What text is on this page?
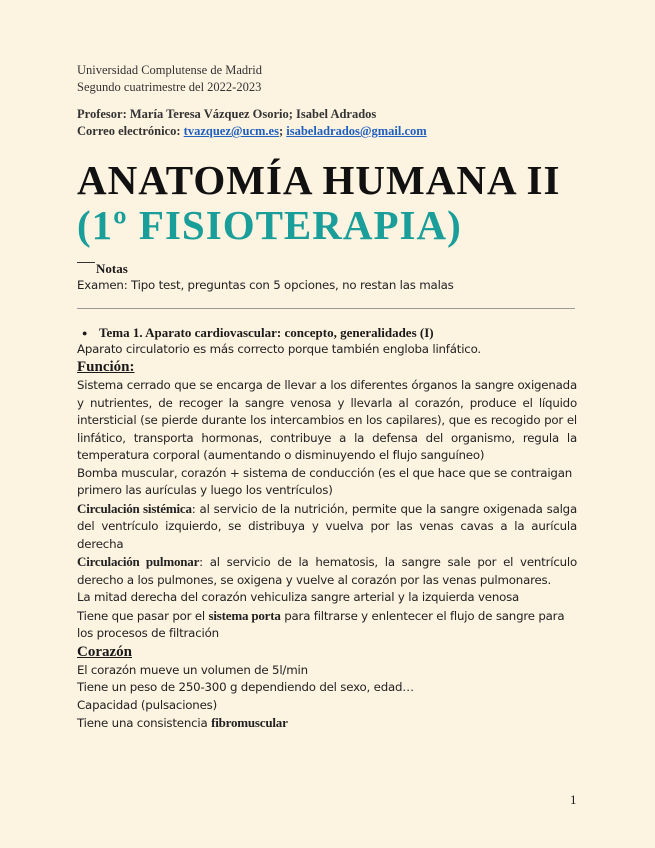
Universidad Complutense de Madrid
Segundo cuatrimestre del 2022-2023
Profesor: María Teresa Vázquez Osorio; Isabel Adrados
Correo electrónico: tvazquez@ucm.es; isabeladrados@gmail.com
ANATOMÍA HUMANA II
(1º FISIOTERAPIA)
Notas
Examen: Tipo test, preguntas con 5 opciones, no restan las malas
● Tema 1. Aparato cardiovascular: concepto, generalidades (I)
Aparato circulatorio es más correcto porque también engloba linfático.
Función:
Sistema cerrado que se encarga de llevar a los diferentes órganos la sangre oxigenada y nutrientes, de recoger la sangre venosa y llevarla al corazón, produce el líquido intersticial (se pierde durante los intercambios en los capilares), que es recogido por el linfático, transporta hormonas, contribuye a la defensa del organismo, regula la temperatura corporal (aumentando o disminuyendo el flujo sanguíneo)
Bomba muscular, corazón + sistema de conducción (es el que hace que se contraigan primero las aurículas y luego los ventrículos)
Circulación sistémica: al servicio de la nutrición, permite que la sangre oxigenada salga del ventrículo izquierdo, se distribuya y vuelva por las venas cavas a la aurícula derecha
Circulación pulmonar: al servicio de la hematosis, la sangre sale por el ventrículo derecho a los pulmones, se oxigena y vuelve al corazón por las venas pulmonares.
La mitad derecha del corazón vehiculiza sangre arterial y la izquierda venosa
Tiene que pasar por el sistema porta para filtrarse y enlentecer el flujo de sangre para los procesos de filtración
Corazón
El corazón mueve un volumen de 5l/min
Tiene un peso de 250-300 g dependiendo del sexo, edad…
Capacidad (pulsaciones)
Tiene una consistencia fibromuscular
1
